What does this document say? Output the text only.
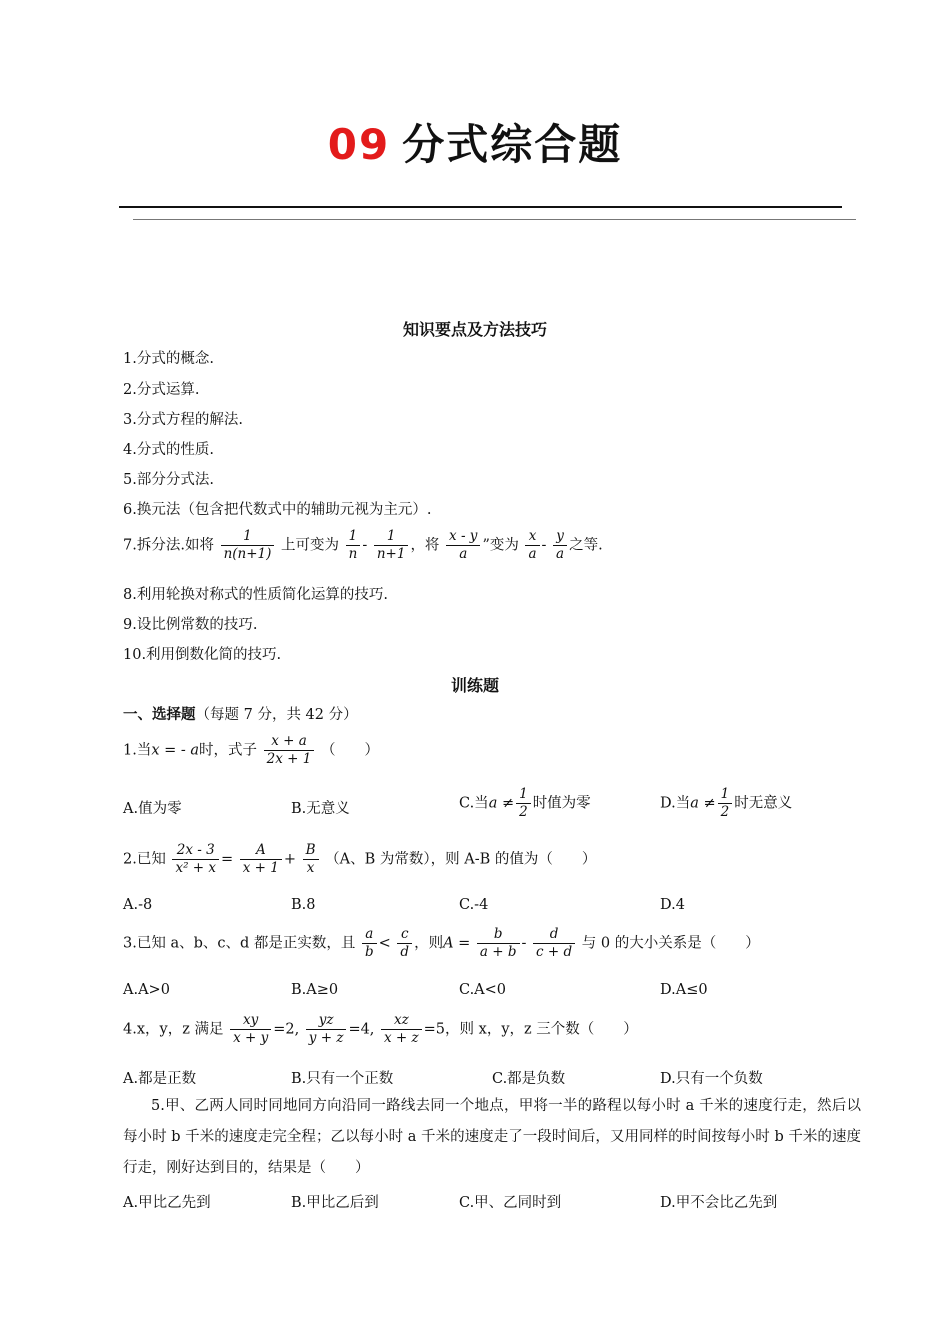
09 分式综合题
知识要点及方法技巧
1.分式的概念.
2.分式运算.
3.分式方程的解法.
4.分式的性质.
5.部分分式法.
6.换元法（包含把代数式中的辅助元视为主元）.
7.拆分法.如将 $\frac{1}{n(n+1)}$ 上可变为 $\frac{1}{n} - \frac{1}{n+1}$ ，将 $\frac{x - y}{a}$ ”变为 $\frac{x}{a} - \frac{y}{a}$ 之等.
8.利用轮换对称式的性质简化运算的技巧.
9.设比例常数的技巧.
10.利用倒数化简的技巧.
训练题
一、选择题（每题 7 分，共 42 分）
1.当x = - a时，式子 $\frac{x + a}{2x + 1}$ （　　）
A.值为零	B.无意义	C.当$a \ne \frac{1}{2}$ 时值为零	D.当$a \ne \frac{1}{2}$ 时无意义
2.已知 $\frac{2x - 3}{\text{x² + x}} = \frac{A}{x + 1} + \frac{B}{x} (A$、B 为常数），则 A-B 的值为（　　）
A.-8	B.8	C.-4	D.4
3.已知 a、b、c、d 都是正实数，且 $\frac{a}{b} < \frac{c}{d}$ ，则$A = \frac{b}{a + b} - \frac{d}{c + d}$ 与 0 的大小关系是（　　）
A.A>0	B.A≥0	C.A<0	D.A≤0
4.x，y，z 满足 $\frac{xy}{x + y} =2$, $\frac{yz}{y + z} =4$, $\frac{xz}{x + z} =5$，则 x，y，z 三个数（　　）
A.都是正数	B.只有一个正数	C.都是负数	D.只有一个负数
5.甲、乙两人同时同地同方向沿同一路线去同一个地点，甲将一半的路程以每小时 a 千米的速度行走，然后以每小时 b 千米的速度走完全程；乙以每小时 a 千米的速度走了一段时间后，又用同样的时间按每小时 b 千米的速度行走，刚好达到目的，结果是（　　）
A.甲比乙先到	B.甲比乙后到	C.甲、乙同时到	D.甲不会比乙先到
